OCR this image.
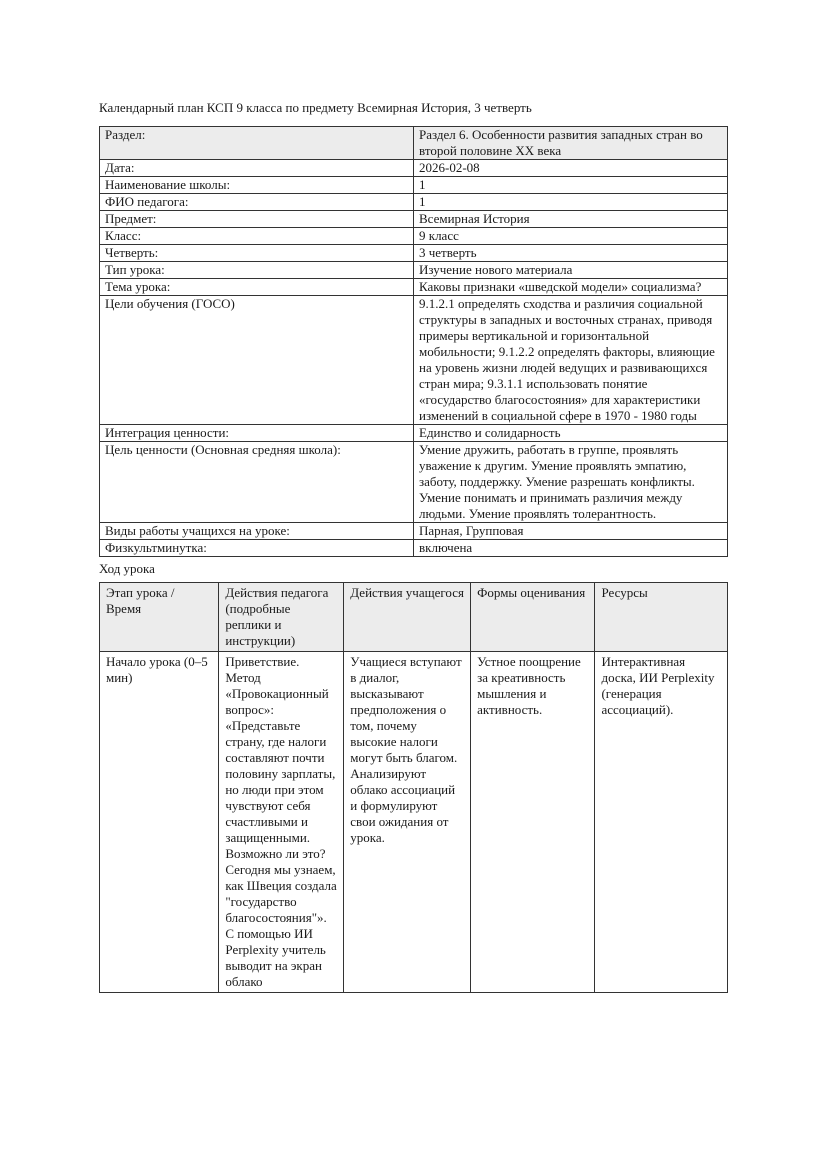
Календарный план КСП 9 класса по предмету Всемирная История, 3 четверть
Раздел:	Раздел 6. Особенности развития западных стран во второй половине XX века
Дата:	2026-02-08
Наименование школы:	1
ФИО педагога:	1
Предмет:	Всемирная История
Класс:	9 класс
Четверть:	3 четверть
Тип урока:	Изучение нового материала
Тема урока:	Каковы признаки «шведской модели» социализма?
Цели обучения (ГОСО)	9.1.2.1 определять сходства и различия социальной структуры в западных и восточных странах, приводя примеры вертикальной и горизонтальной мобильности; 9.1.2.2 определять факторы, влияющие на уровень жизни людей ведущих и развивающихся стран мира; 9.3.1.1 использовать понятие «государство благосостояния» для характеристики изменений в социальной сфере в 1970 - 1980 годы
Интеграция ценности:	Единство и солидарность
Цель ценности (Основная средняя школа):	Умение дружить, работать в группе, проявлять уважение к другим. Умение проявлять эмпатию, заботу, поддержку. Умение разрешать конфликты. Умение понимать и принимать различия между людьми. Умение проявлять толерантность.
Виды работы учащихся на уроке:	Парная, Групповая
Физкультминутка:	включена
Ход урока
Этап урока / Время	Действия педагога (подробные реплики и инструкции)	Действия учащегося	Формы оценивания	Ресурсы

Начало урока (0–5 мин)	Приветствие. Метод «Провокационный вопрос»: «Представьте страну, где налоги составляют почти половину зарплаты, но люди при этом чувствуют себя счастливыми и защищенными. Возможно ли это? Сегодня мы узнаем, как Швеция создала "государство благосостояния"». С помощью ИИ Perplexity учитель выводит на экран облако	Учащиеся вступают в диалог, высказывают предположения о том, почему высокие налоги могут быть благом. Анализируют облако ассоциаций и формулируют свои ожидания от урока.	Устное поощрение за креативность мышления и активность.	Интерактивная доска, ИИ Perplexity (генерация ассоциаций).
